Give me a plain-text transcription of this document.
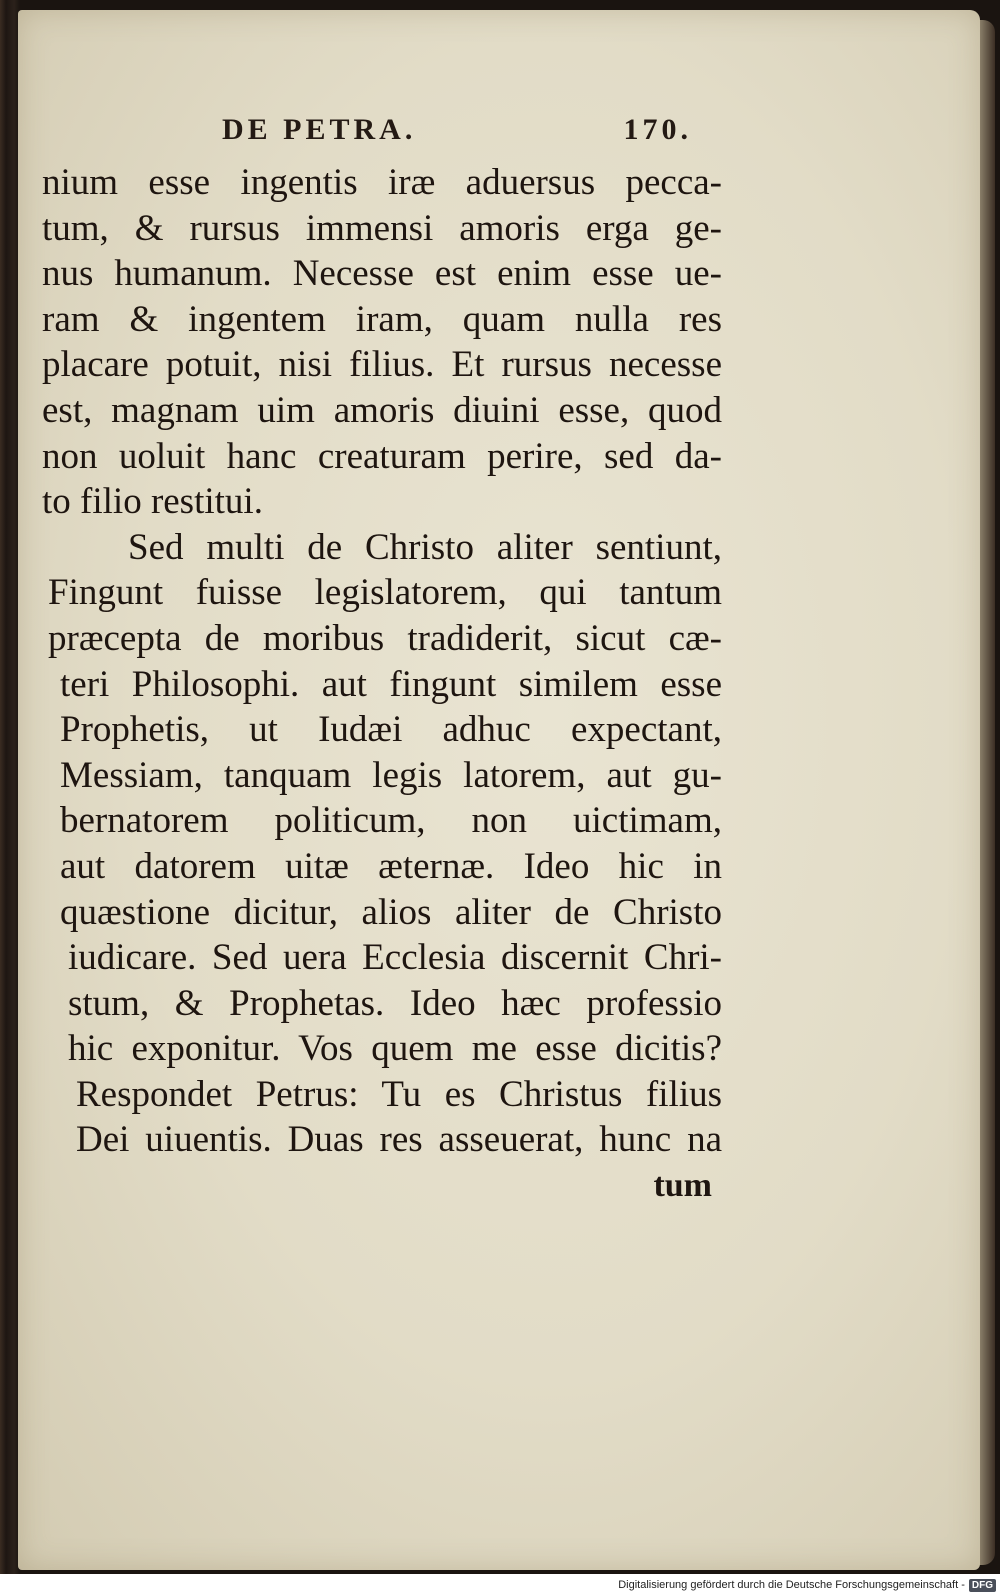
DE PETRA.	170.
nium esse ingentis iræ aduersus pecca-
tum, & rursus immensi amoris erga ge-
nus humanum. Necesse est enim esse ue-
ram & ingentem iram, quam nulla res
placare potuit, nisi filius. Et rursus necesse
est, magnam uim amoris diuini esse, quod
non uoluit hanc creaturam perire, sed da-
to filio restitui.
Sed multi de Christo aliter sentiunt,
Fingunt fuisse legislatorem, qui tantum
præcepta de moribus tradiderit, sicut cæ-
teri Philosophi. aut fingunt similem esse
Prophetis, ut Iudæi adhuc expectant,
Messiam, tanquam legis latorem, aut gu-
bernatorem politicum, non uictimam,
aut datorem uitæ æternæ. Ideo hic in
quæstione dicitur, alios aliter de Christo
iudicare. Sed uera Ecclesia discernit Chri-
stum, & Prophetas. Ideo hæc professio
hic exponitur. Vos quem me esse dicitis?
Respondet Petrus: Tu es Christus filius
Dei uiuentis. Duas res asseuerat, hunc na
tum
Digitalisierung gefördert durch die Deutsche Forschungsgemeinschaft - DFG
